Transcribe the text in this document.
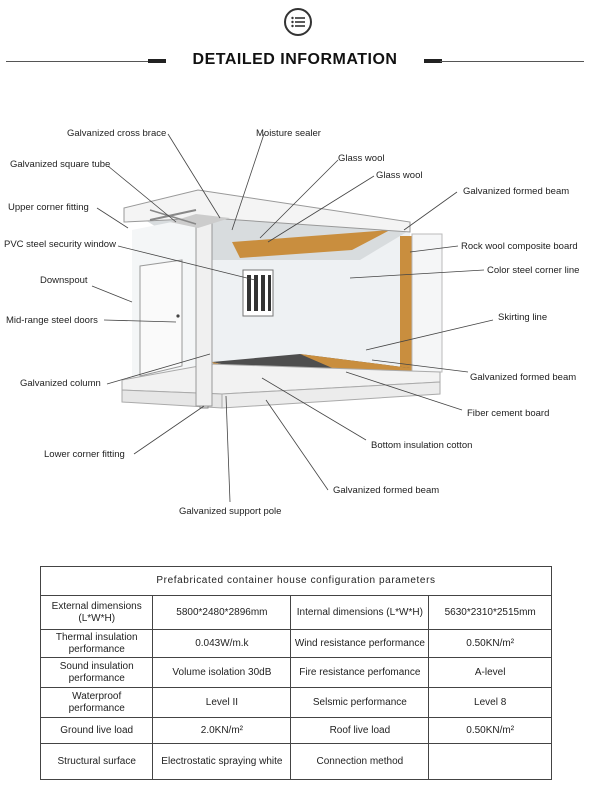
DETAILED INFORMATION
Galvanized cross brace	Moisture sealer
Galvanized square tube
Glass wool
Glass wool
Upper corner fitting
Galvanized formed beam
PVC steel security window	Rock wool composite board
Downspout
Color steel corner line
Mid-range steel doors	Skirting line
Galvanized column
Galvanized formed beam
Fiber cement board
Bottom insulation cotton
Lower corner fitting
Galvanized formed beam
Galvanized support pole
Prefabricated container house configuration parameters			
External dimensions (L*W*H)	5800*2480*2896mm	Internal dimensions (L*W*H)	5630*2310*2515mm
Thermal insulation performance	0.043W/m.k	Wind resistance performance	0.50KN/m²
Sound insulation performance	Volume isolation 30dB	Fire resistance perfomance	A-level
Waterproof performance	Level II	Selsmic performance	Level 8
Ground live load	2.0KN/m²	Roof live load	0.50KN/m²
Structural surface	Electrostatic spraying white	Connection method	
